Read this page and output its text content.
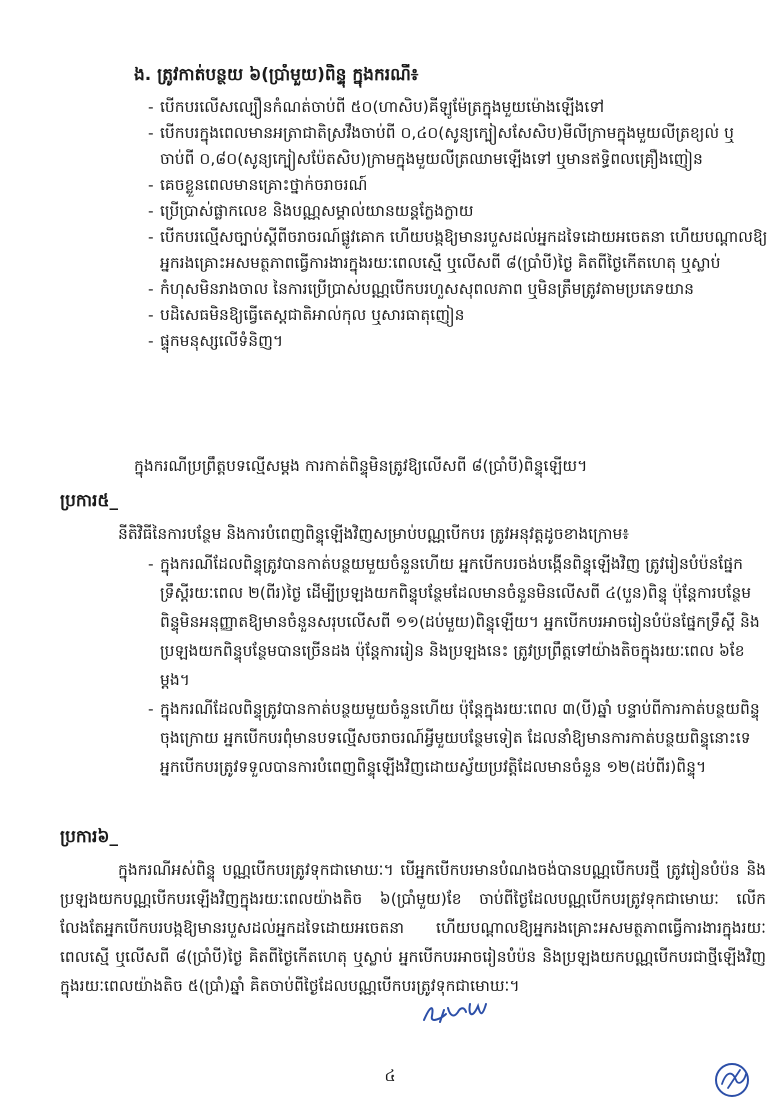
ង. ត្រូវកាត់បន្ថយ ៦(ប្រាំមួយ)ពិន្ទុ ក្នុងករណី៖
- បើកបរលើសល្បឿនកំណត់ចាប់ពី ៥០(ហាសិប)គីឡូម៉ែត្រក្នុងមួយម៉ោងឡើងទៅ
- បើកបរក្នុងពេលមានអត្រាជាតិស្រវឹងចាប់ពី ០,៤០(សូន្យក្បៀសសែសិប)មីលីក្រាមក្នុងមួយលីត្រខ្យល់ ឬចាប់ពី ០,៨០(សូន្យក្បៀសប៉ែតសិប)ក្រាមក្នុងមួយលីត្រឈាមឡើងទៅ ឬមានឥទ្ធិពលគ្រឿងញៀន
- គេចខ្លួនពេលមានគ្រោះថ្នាក់ចរាចរណ៍
- ប្រើប្រាស់ផ្លាកលេខ និងបណ្ណសម្គាល់យានយន្តក្លែងក្លាយ
- បើកបរល្មើសច្បាប់ស្តីពីចរាចរណ៍ផ្លូវគោក ហើយបង្កឱ្យមានរបួសដល់អ្នកដទៃដោយអចេតនា ហើយបណ្តាលឱ្យអ្នករងគ្រោះអសមត្ថភាពធ្វើការងារក្នុងរយៈពេលស្មើ ឬលើសពី ៨(ប្រាំបី)ថ្ងៃ គិតពីថ្ងៃកើតហេតុ ឬស្លាប់
- កំហុសមិនរាងចាល នៃការប្រើប្រាស់បណ្ណបើកបរហួសសុពលភាព ឬមិនត្រឹមត្រូវតាមប្រភេទយាន
- បដិសេធមិនឱ្យធ្វើតេស្តជាតិអាល់កុល ឬសារធាតុញៀន
- ផ្ទុកមនុស្សលើទំនិញ។

ក្នុងករណីប្រព្រឹត្តបទល្មើសម្តង ការកាត់ពិន្ទុមិនត្រូវឱ្យលើសពី ៨(ប្រាំបី)ពិន្ទុឡើយ។

ប្រការ៥_

នីតិវិធីនៃការបន្ថែម និងការបំពេញពិន្ទុឡើងវិញសម្រាប់បណ្ណបើកបរ ត្រូវអនុវត្តដូចខាងក្រោម៖

- ក្នុងករណីដែលពិន្ទុត្រូវបានកាត់បន្ថយមួយចំនួនហើយ អ្នកបើកបរចង់បង្កើនពិន្ទុឡើងវិញ ត្រូវរៀនបំប៉នផ្នែកទ្រឹស្តីរយៈពេល ២(ពីរ)ថ្ងៃ ដើម្បីប្រឡងយកពិន្ទុបន្ថែមដែលមានចំនួនមិនលើសពី ៤(បួន)ពិន្ទុ ប៉ុន្តែការបន្ថែមពិន្ទុមិនអនុញ្ញាតឱ្យមានចំនួនសរុបលើសពី ១១(ដប់មួយ)ពិន្ទុឡើយ។ អ្នកបើកបរអាចរៀនបំប៉នផ្នែកទ្រឹស្តី និងប្រឡងយកពិន្ទុបន្ថែមបានច្រើនដង ប៉ុន្តែការរៀន និងប្រឡងនេះ ត្រូវប្រព្រឹត្តទៅយ៉ាងតិចក្នុងរយៈពេល ៦ខែម្តង។
- ក្នុងករណីដែលពិន្ទុត្រូវបានកាត់បន្ថយមួយចំនួនហើយ ប៉ុន្តែក្នុងរយៈពេល ៣(បី)ឆ្នាំ បន្ទាប់ពីការកាត់បន្ថយពិន្ទុចុងក្រោយ អ្នកបើកបរពុំមានបទល្មើសចរាចរណ៍អ្វីមួយបន្ថែមទៀត ដែលនាំឱ្យមានការកាត់បន្ថយពិន្ទុនោះទេ អ្នកបើកបរត្រូវទទួលបានការបំពេញពិន្ទុឡើងវិញដោយស្វ័យប្រវត្តិដែលមានចំនួន ១២(ដប់ពីរ)ពិន្ទុ។
ប្រការ៦_

ក្នុងករណីអស់ពិន្ទុ បណ្ណបើកបរត្រូវទុកជាមោឃៈ។ បើអ្នកបើកបរមានបំណងចង់បានបណ្ណបើកបរថ្មី ត្រូវរៀនបំប៉ន និងប្រឡងយកបណ្ណបើកបរឡើងវិញក្នុងរយៈពេលយ៉ាងតិច ៦(ប្រាំមួយ)ខែ ចាប់ពីថ្ងៃដែលបណ្ណបើកបរត្រូវទុកជាមោឃៈ លើកលែងតែអ្នកបើកបរបង្កឱ្យមានរបួសដល់អ្នកដទៃដោយអចេតនា ហើយបណ្តាលឱ្យអ្នករងគ្រោះអសមត្ថភាពធ្វើការងារក្នុងរយៈពេលស្មើ ឬលើសពី ៨(ប្រាំបី)ថ្ងៃ គិតពីថ្ងៃកើតហេតុ ឬស្លាប់ អ្នកបើកបរអាចរៀនបំប៉ន និងប្រឡងយកបណ្ណបើកបរជាថ្មីឡើងវិញក្នុងរយៈពេលយ៉ាងតិច ៥(ប្រាំ)ឆ្នាំ គិតចាប់ពីថ្ងៃដែលបណ្ណបើកបរត្រូវទុកជាមោឃៈ។

៤
